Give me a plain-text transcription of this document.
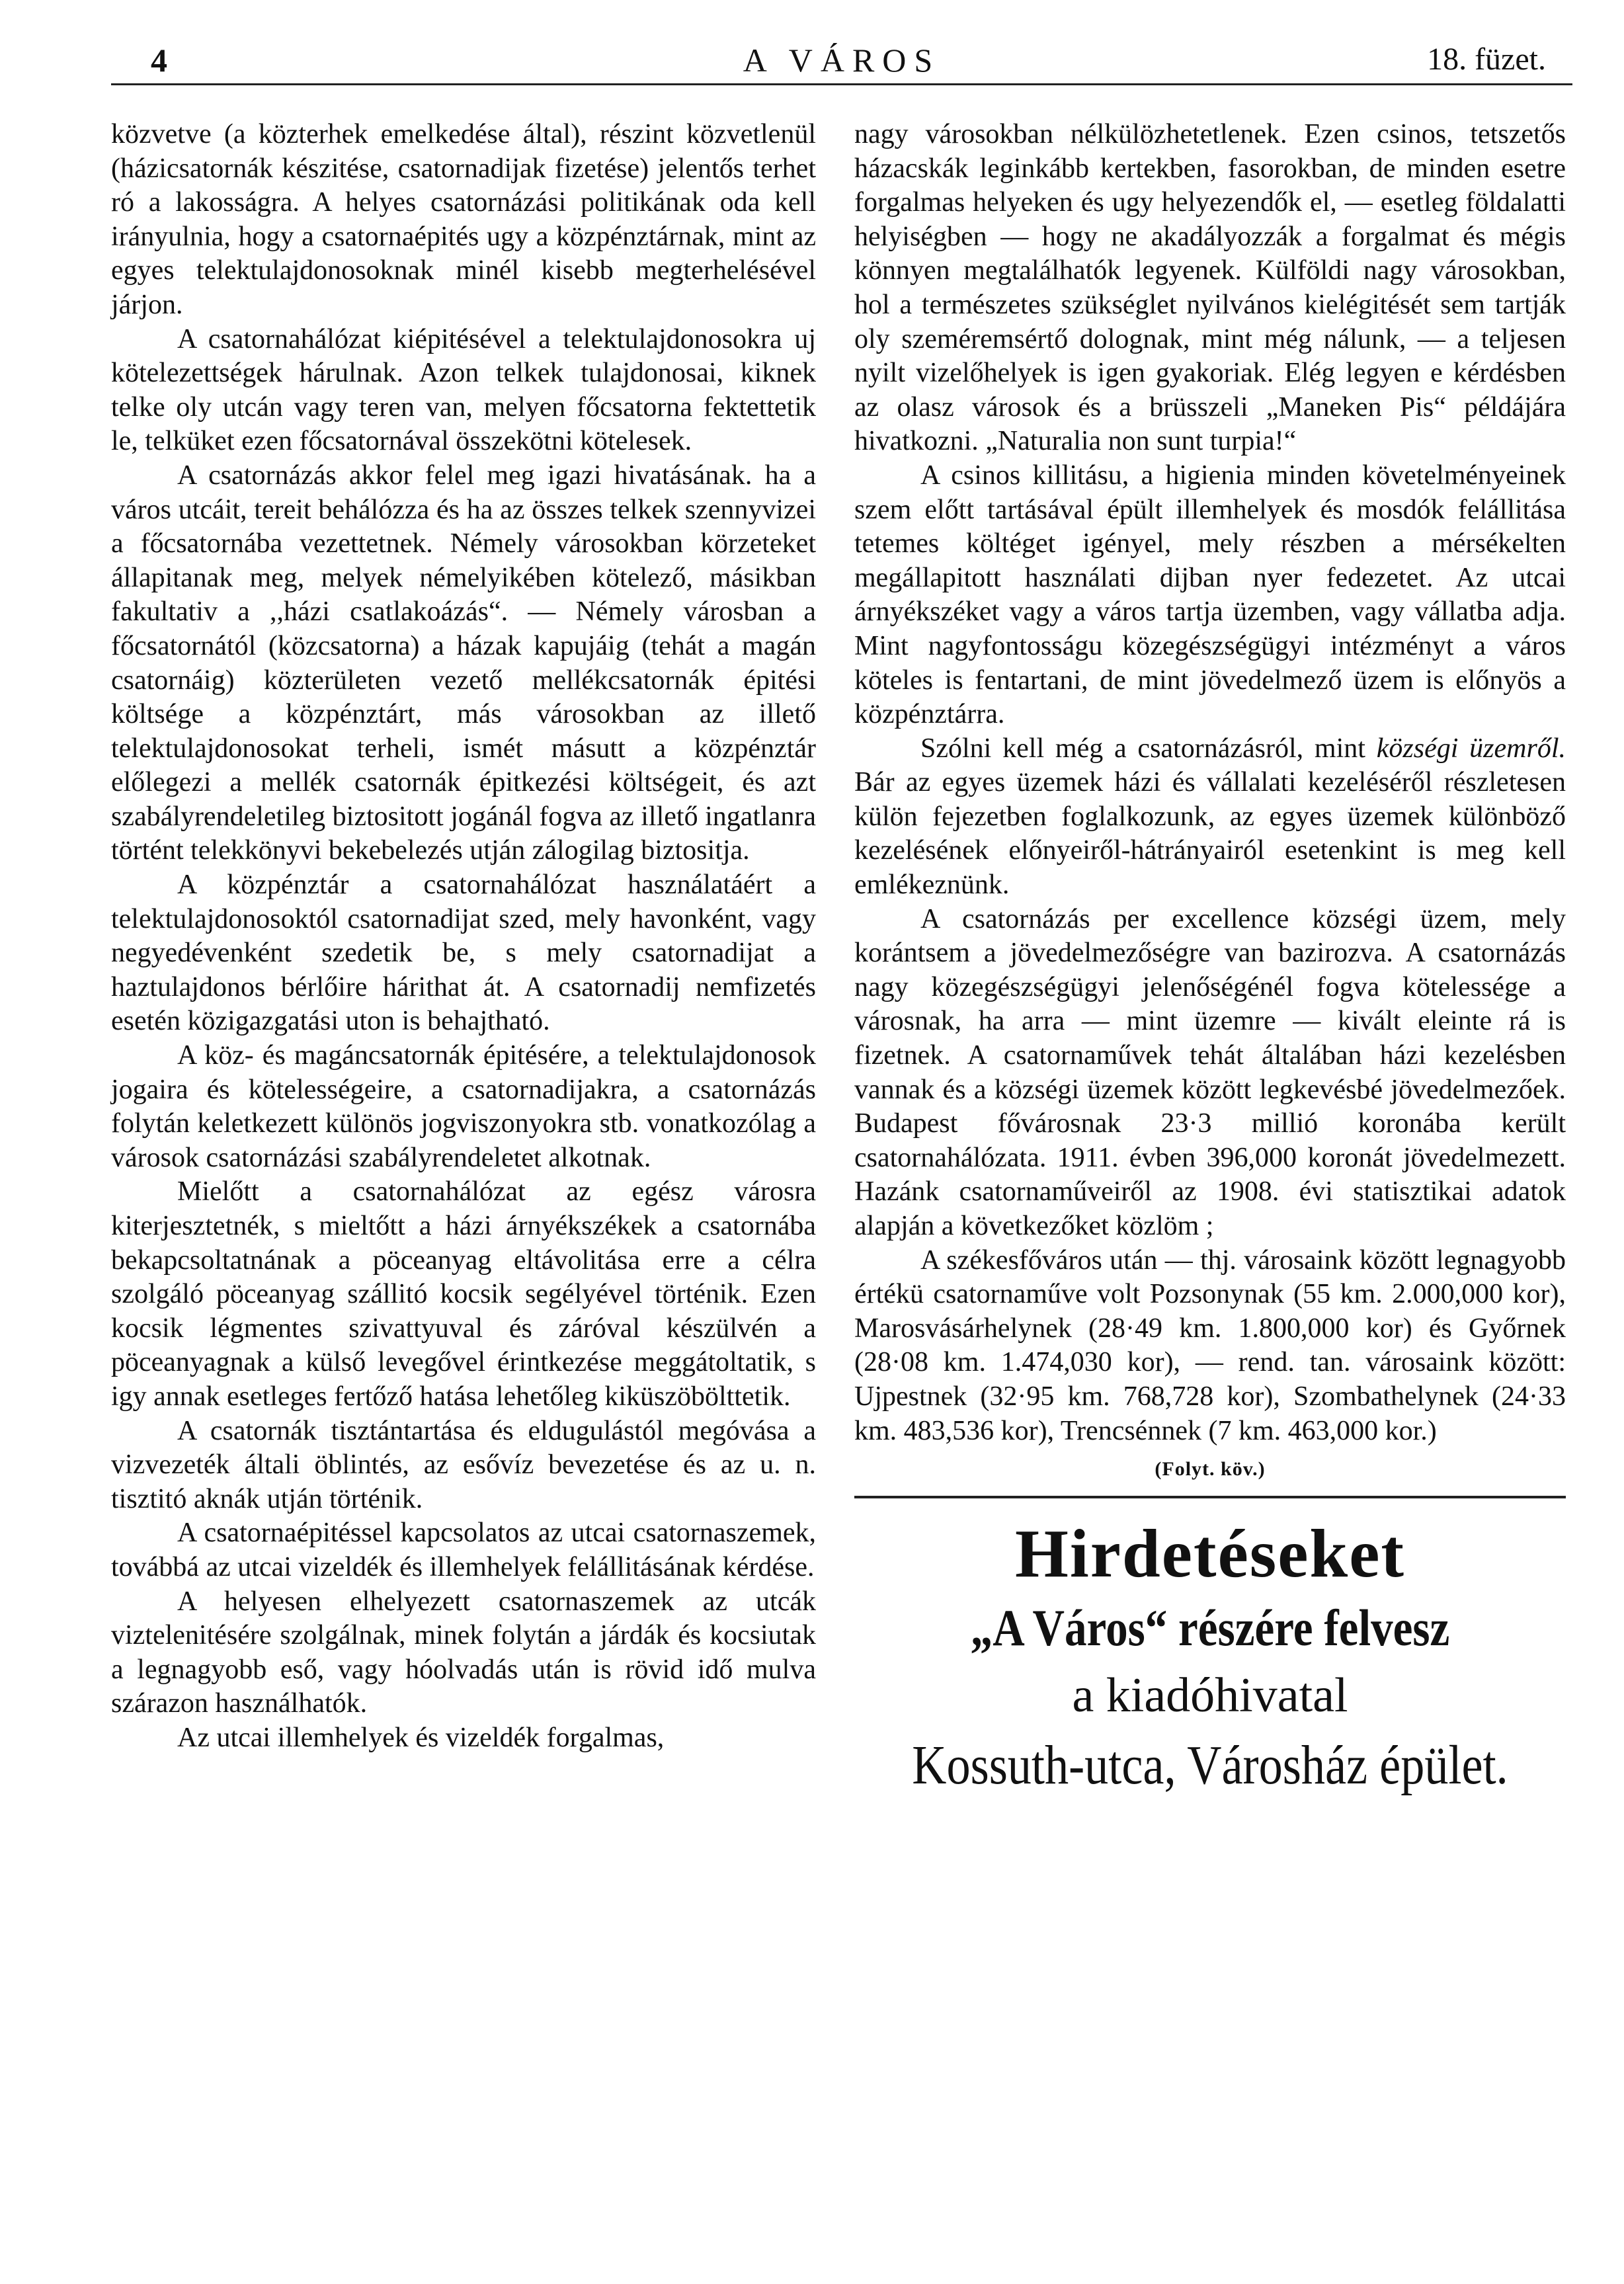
4	A VÁROS	18. füzet.

közvetve (a közterhek emelkedése által), részint közvetlenül (házicsatornák készitése, csatornadijak fizetése) jelentős terhet ró a lakosságra. A helyes csatornázási politikának oda kell irányulnia, hogy a csatornaépités ugy a közpénztárnak, mint az egyes telektulajdonosoknak minél kisebb megterhelésével járjon.

A csatornahálózat kiépitésével a telektulajdonosokra uj kötelezettségek hárulnak. Azon telkek tulajdonosai, kiknek telke oly utcán vagy teren van, melyen főcsatorna fektettetik le, telküket ezen főcsatornával összekötni kötelesek.

A csatornázás akkor felel meg igazi hivatásának. ha a város utcáit, tereit behálózza és ha az összes telkek szennyvizei a főcsatornába vezettetnek. Némely városokban körzeteket állapitanak meg, melyek némelyikében kötelező, másikban fakultativ a ,,házi csatlakoázás“. — Némely városban a főcsatornától (közcsatorna) a házak kapujáig (tehát a magán csatornáig) közterületen vezető mellékcsatornák épitési költsége a közpénztárt, más városokban az illető telektulajdonosokat terheli, ismét másutt a közpénztár előlegezi a mellék csatornák épitkezési költségeit, és azt szabályrendeletileg biztositott jogánál fogva az illető ingatlanra történt telekkönyvi bekebelezés utján zálogilag biztositja.

A közpénztár a csatornahálózat használatáért a telektulajdonosoktól csatornadijat szed, mely havonként, vagy negyedévenként szedetik be, s mely csatornadijat a haztulajdonos bérlőire hárithat át. A csatornadij nemfizetés esetén közigazgatási uton is behajtható.

A köz- és magáncsatornák épitésére, a telektulajdonosok jogaira és kötelességeire, a csatornadijakra, a csatornázás folytán keletkezett különös jogviszonyokra stb. vonatkozólag a városok csatornázási szabályrendeletet alkotnak.

Mielőtt a csatornahálózat az egész városra kiterjesztetnék, s mieltőtt a házi árnyékszékek a csatornába bekapcsoltatnának a pöceanyag eltávolitása erre a célra szolgáló pöceanyag szállitó kocsik segélyével történik. Ezen kocsik légmentes szivattyuval és záróval készülvén a pöceanyagnak a külső levegővel érintkezése meggátoltatik, s igy annak esetleges fertőző hatása lehetőleg kiküszöbölttetik.

A csatornák tisztántartása és eldugulástól megóvása a vizvezeték általi öblintés, az esővíz bevezetése és az u. n. tisztitó aknák utján történik.

A csatornaépitéssel kapcsolatos az utcai csatornaszemek, továbbá az utcai vizeldék és illemhelyek felállitásának kérdése.

A helyesen elhelyezett csatornaszemek az utcák viztelenitésére szolgálnak, minek folytán a járdák és kocsiutak a legnagyobb eső, vagy hóolvadás után is rövid idő mulva szárazon használhatók.

Az utcai illemhelyek és vizeldék forgalmas,

nagy városokban nélkülözhetetlenek. Ezen csinos, tetszetős házacskák leginkább kertekben, fasorokban, de minden esetre forgalmas helyeken és ugy helyezendők el, — esetleg földalatti helyiségben — hogy ne akadályozzák a forgalmat és mégis könnyen megtalálhatók legyenek. Külföldi nagy városokban, hol a természetes szükséglet nyilvános kielégitését sem tartják oly szeméremsértő dolognak, mint még nálunk, — a teljesen nyilt vizelőhelyek is igen gyakoriak. Elég legyen e kérdésben az olasz városok és a brüsszeli „Maneken Pis“ példájára hivatkozni. „Naturalia non sunt turpia!“

A csinos killitásu, a higienia minden követelményeinek szem előtt tartásával épült illemhelyek és mosdók felállitása tetemes költéget igényel, mely részben a mérsékelten megállapitott használati dijban nyer fedezetet. Az utcai árnyékszéket vagy a város tartja üzemben, vagy vállatba adja. Mint nagyfontosságu közegészségügyi intézményt a város köteles is fentartani, de mint jövedelmező üzem is előnyös a közpénztárra.

Szólni kell még a csatornázásról, mint községi üzemről. Bár az egyes üzemek házi és vállalati kezeléséről részletesen külön fejezetben foglalkozunk, az egyes üzemek különböző kezelésének előnyeiről-hátrányairól esetenkint is meg kell emlékeznünk.

A csatornázás per excellence községi üzem, mely korántsem a jövedelmezőségre van bazirozva. A csatornázás nagy közegészségügyi jelenőségénél fogva kötelessége a városnak, ha arra — mint üzemre — kivált eleinte rá is fizetnek. A csatornaművek tehát általában házi kezelésben vannak és a községi üzemek között legkevésbé jövedelmezőek. Budapest fővárosnak 23·3 millió koronába került csatornahálózata. 1911. évben 396,000 koronát jövedelmezett. Hazánk csatornaműveiről az 1908. évi statisztikai adatok alapján a következőket közlöm ;

A székesfőváros után — thj. városaink között legnagyobb értékü csatornaműve volt Pozsonynak (55 km. 2.000,000 kor), Marosvásárhelynek (28·49 km. 1.800,000 kor) és Győrnek (28·08 km. 1.474,030 kor), — rend. tan. városaink között: Ujpestnek (32·95 km. 768,728 kor), Szombathelynek (24·33 km. 483,536 kor), Trencsénnek (7 km. 463,000 kor.)

(Folyt. köv.)
Hirdetéseket
„A Város“ részére felvesz
a kiadóhivatal
Kossuth-utca, Városház épület.
